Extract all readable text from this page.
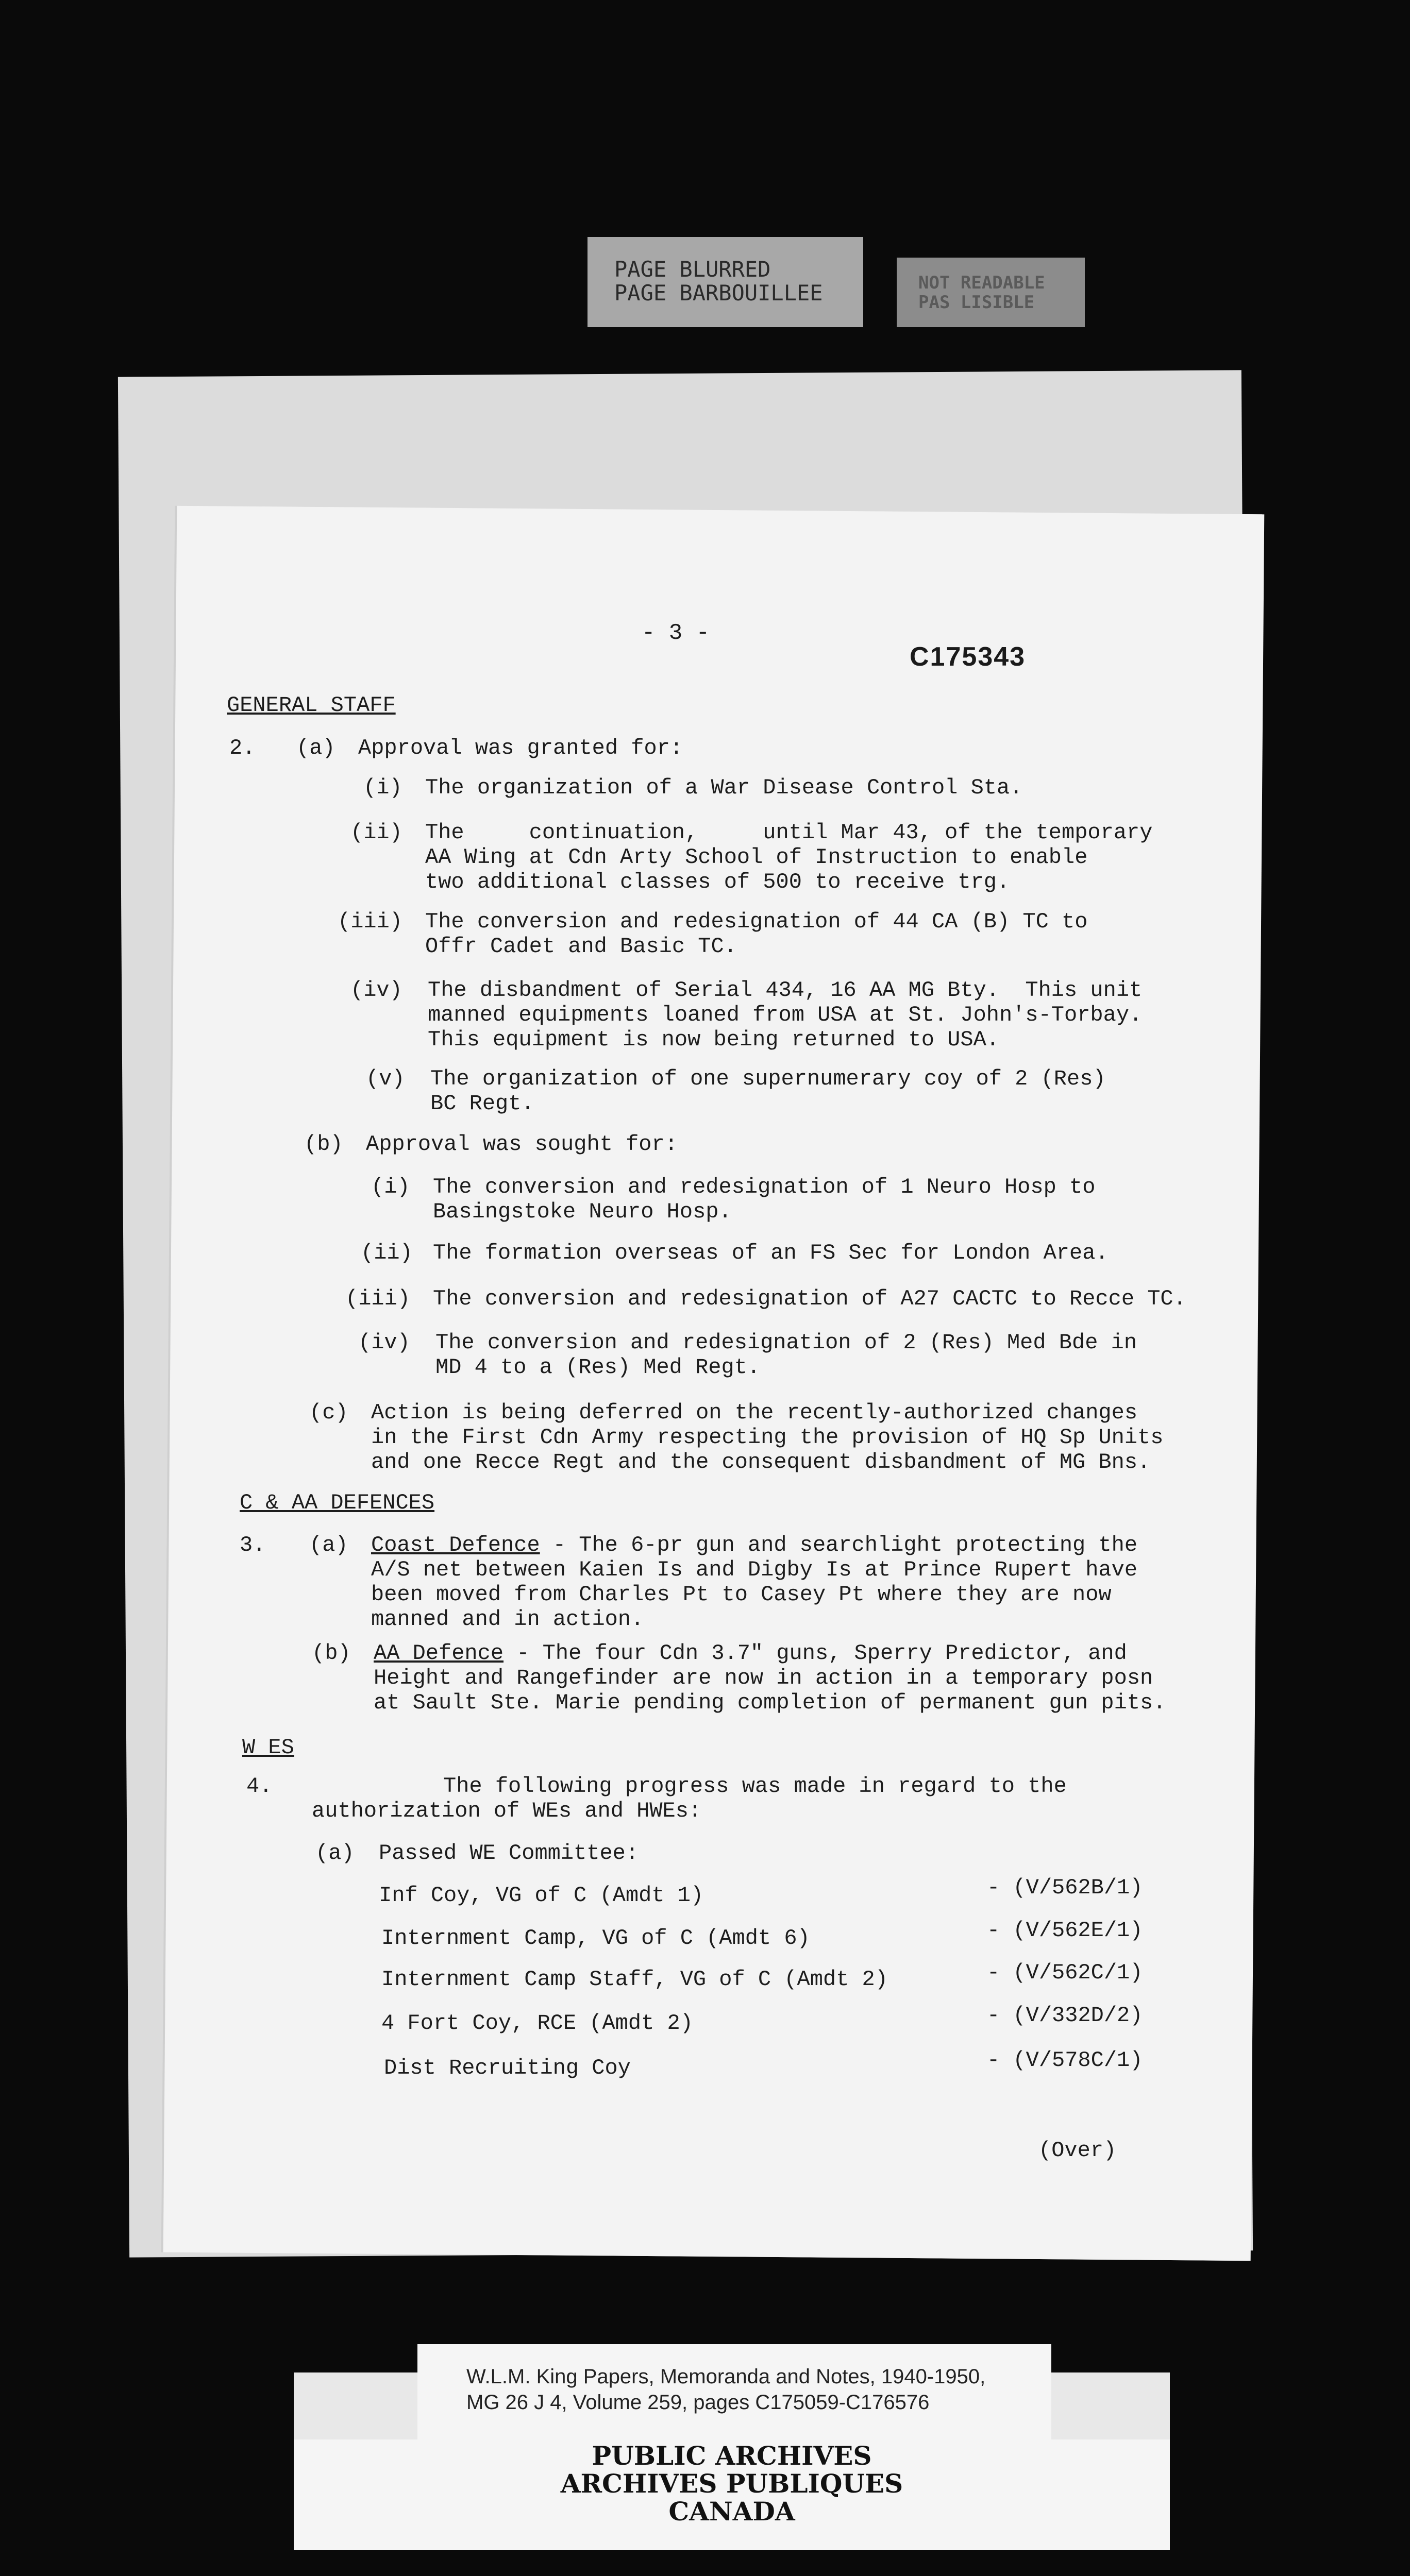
PAGE BLURRED
PAGE BARBOUILLEE	NOT READABLE
PAS LISIBLE
- 3 -
C175343
GENERAL STAFF
2. (a) Approval was granted for:
(i) The organization of a War Disease Control Sta.
(ii) The     continuation,     until Mar 43, of the temporary
AA Wing at Cdn Arty School of Instruction to enable
two additional classes of 500 to receive trg.
(iii) The conversion and redesignation of 44 CA (B) TC to
Offr Cadet and Basic TC.
(iv) The disbandment of Serial 434, 16 AA MG Bty.  This unit
manned equipments loaned from USA at St. John's-Torbay.
This equipment is now being returned to USA.
(v) The organization of one supernumerary coy of 2 (Res)
BC Regt.
(b) Approval was sought for:
(i) The conversion and redesignation of 1 Neuro Hosp to
Basingstoke Neuro Hosp.
(ii) The formation overseas of an FS Sec for London Area.
(iii) The conversion and redesignation of A27 CACTC to Recce TC.
(iv) The conversion and redesignation of 2 (Res) Med Bde in
MD 4 to a (Res) Med Regt.
(c) Action is being deferred on the recently-authorized changes
in the First Cdn Army respecting the provision of HQ Sp Units
and one Recce Regt and the consequent disbandment of MG Bns.
C & AA DEFENCES
3. (a) Coast Defence - The 6-pr gun and searchlight protecting the
A/S net between Kaien Is and Digby Is at Prince Rupert have
been moved from Charles Pt to Casey Pt where they are now
manned and in action.
(b) AA Defence - The four Cdn 3.7" guns, Sperry Predictor, and
Height and Rangefinder are now in action in a temporary posn
at Sault Ste. Marie pending completion of permanent gun pits.
W ES
4.	The following progress was made in regard to the
authorization of WEs and HWEs:
(a) Passed WE Committee:
Inf Coy, VG of C (Amdt 1)	- (V/562B/1)
Internment Camp, VG of C (Amdt 6)	- (V/562E/1)
Internment Camp Staff, VG of C (Amdt 2)	- (V/562C/1)
4 Fort Coy, RCE (Amdt 2)	- (V/332D/2)
Dist Recruiting Coy	- (V/578C/1)
(Over)
W.L.M. King Papers, Memoranda and Notes, 1940-1950,
MG 26 J 4, Volume 259, pages C175059-C176576
PUBLIC ARCHIVES
ARCHIVES PUBLIQUES
CANADA
